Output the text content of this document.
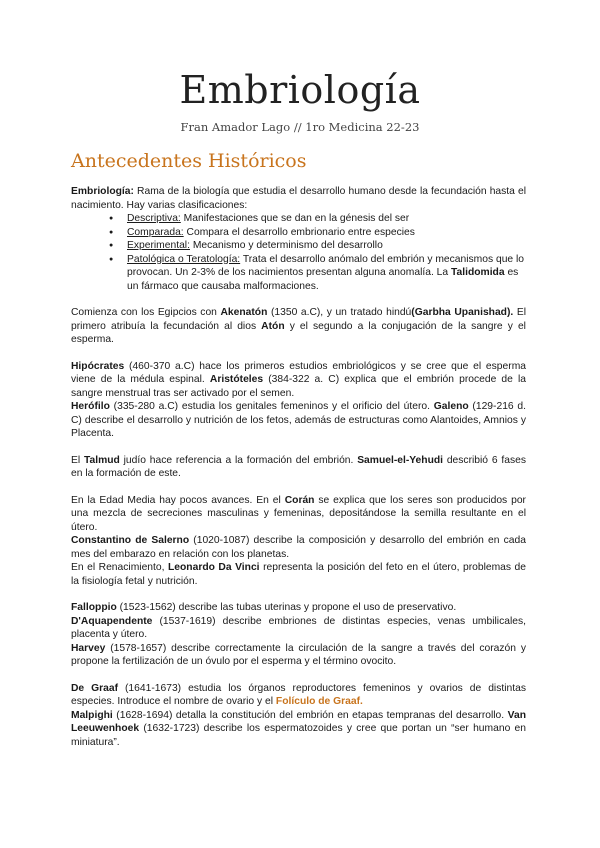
Embriología
Fran Amador Lago // 1ro Medicina 22-23
Antecedentes Históricos

Embriología: Rama de la biología que estudia el desarrollo humano desde la fecundación hasta el nacimiento. Hay varias clasificaciones:

● Descriptiva: Manifestaciones que se dan en la génesis del ser
● Comparada: Compara el desarrollo embrionario entre especies
● Experimental: Mecanismo y determinismo del desarrollo
● Patológica o Teratología: Trata el desarrollo anómalo del embrión y mecanismos que lo provocan. Un 2-3% de los nacimientos presentan alguna anomalía. La Talidomida es un fármaco que causaba malformaciones.

Comienza con los Egipcios con Akenatón (1350 a.C), y un tratado hindú(Garbha Upanishad). El primero atribuía la fecundación al dios Atón y el segundo a la conjugación de la sangre y el esperma.

Hipócrates (460-370 a.C) hace los primeros estudios embriológicos y se cree que el esperma viene de la médula espinal. Aristóteles (384-322 a. C) explica que el embrión procede de la sangre menstrual tras ser activado por el semen.

Herófilo (335-280 a.C) estudia los genitales femeninos y el orificio del útero. Galeno (129-216 d. C) describe el desarrollo y nutrición de los fetos, además de estructuras como Alantoides, Amnios y Placenta.

El Talmud judío hace referencia a la formación del embrión. Samuel-el-Yehudi describió 6 fases en la formación de este.

En la Edad Media hay pocos avances. En el Corán se explica que los seres son producidos por una mezcla de secreciones masculinas y femeninas, depositándose la semilla resultante en el útero.

Constantino de Salerno (1020-1087) describe la composición y desarrollo del embrión en cada mes del embarazo en relación con los planetas.

En el Renacimiento, Leonardo Da Vinci representa la posición del feto en el útero, problemas de la fisiología fetal y nutrición.

Falloppio (1523-1562) describe las tubas uterinas y propone el uso de preservativo.

D'Aquapendente (1537-1619) describe embriones de distintas especies, venas umbilicales, placenta y útero.

Harvey (1578-1657) describe correctamente la circulación de la sangre a través del corazón y propone la fertilización de un óvulo por el esperma y el término ovocito.

De Graaf (1641-1673) estudia los órganos reproductores femeninos y ovarios de distintas especies. Introduce el nombre de ovario y el Folículo de Graaf.

Malpighi (1628-1694) detalla la constitución del embrión en etapas tempranas del desarrollo. Van Leeuwenhoek (1632-1723) describe los espermatozoides y cree que portan un “ser humano en miniatura”.
